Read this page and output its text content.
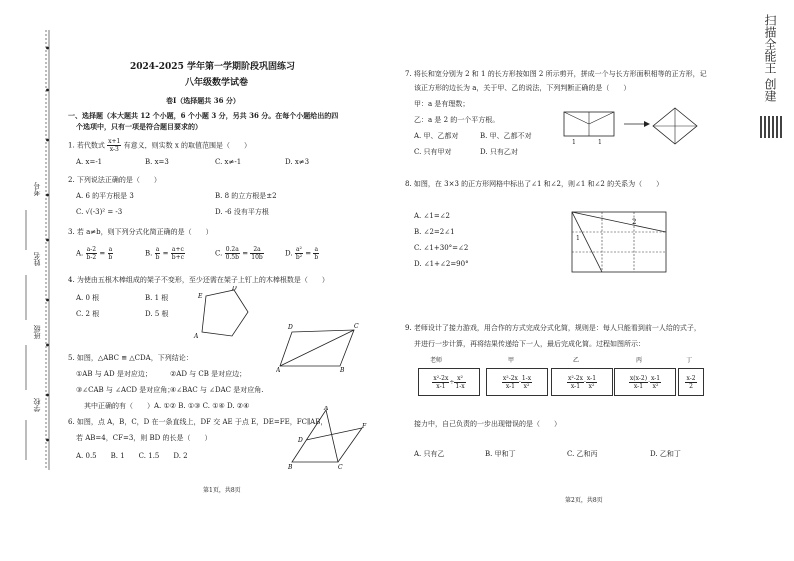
考号
姓名
班级
学校
2024-2025 学年第一学期阶段巩固练习
八年级数学试卷
卷Ⅰ（选择题共 36 分）
一、选择题（本大题共 12 个小题，6 个小题 3 分，另共 36 分。在每个小题给出的四
个选项中，只有一项是符合题目要求的）
1. 若代数式 $\frac{x+1}{x-3}$ 有意义，则实数 x 的取值范围是（　　）
A. x=-1	B. x=3	C. x≠-1	D. x≠3
2. 下列说法正确的是（　　）
A. 6 的平方根是 3	B. 8 的立方根是±2
C. √(-3)² = -3	D. -6 没有平方根
3. 若 a≠b，则下列分式化简正确的是（　　）
A. $\frac{a-2}{b-2} = \frac{a}{b}$	B. $\frac{a}{b} = \frac{a+c}{b+c}$	C. $\frac{0.2a}{0.5b} = \frac{2a}{10b}$	D. $\frac{\text{a²}}{\text{b²}} = \frac{a}{b}$
4. 为使由五根木棒组成的架子不变形，至少还需在架子上钉上的木棒根数是（　　）
A. 0 根	B. 1 根
C. 2 根	D. 5 根
E
D
A
5. 如图，△ABC ≌ △CDA，下列结论：
①AB 与 AD 是对应边；	②AD 与 CB 是对应边；
③∠CAB 与 ∠ACD 是对应角；
④∠BAC 与 ∠DAC 是对应角.
其中正确的有（　　）A. ①② B. ①③ C. ①④ D. ②④
D	C
A	B
6. 如图，点 A，B，C，D 在一条直线上，DF 交 AE 于点 E，DE=FE，FC∥AB，
若 AB=4，CF=3，则 BD 的长是（　　）
A. 0.5　　B. 1　　C. 1.5　　D. 2
A
D
F
B	C
第1页，共8页
7. 将长和宽分别为 2 和 1 的长方形按如图 2 所示剪开，拼成一个与长方形面积相等的正方形，记
该正方形的边长为 a，关于甲、乙的说法，下列判断正确的是（　　）
甲：a 是有理数；
乙：a 是 2 的一个平方根。
A. 甲、乙都对	B. 甲、乙都不对
C. 只有甲对	D. 只有乙对
1	1
8. 如图，在 3×3 的正方形网格中标出了∠1 和∠2，则∠1 和∠2 的关系为（　　）
A. ∠1=∠2
B. ∠2=2∠1
C. ∠1+30°=∠2
D. ∠1+∠2=90°
1
2
9. 老师设计了接力游戏，用合作的方式完成分式化简，规则是：每人只能看到前一人给的式子，
并进行一步计算，再将结果传递给下一人，最后完成化简。过程如图所示：
老师	甲	乙	丙	丁
$\frac{\text{x²-2x}}{x-1} \div \frac{\text{x²}}{1-x}$	$\frac{\text{x²-2x}}{x-1} \cdot \frac{1-x}{\text{x²}}$	$\frac{\text{x²-2x}}{x-1} \cdot \frac{x-1}{\text{x²}}$	$\frac{x(x-2)}{x-1} \cdot \frac{x-1}{\text{x²}}$	$\frac{x-2}{2}$
接力中，自己负责的一步出现错误的是（　　）
A. 只有乙	B. 甲和丁	C. 乙和丙	D. 乙和丁
第2页，共8页
扫描全能王 创建
